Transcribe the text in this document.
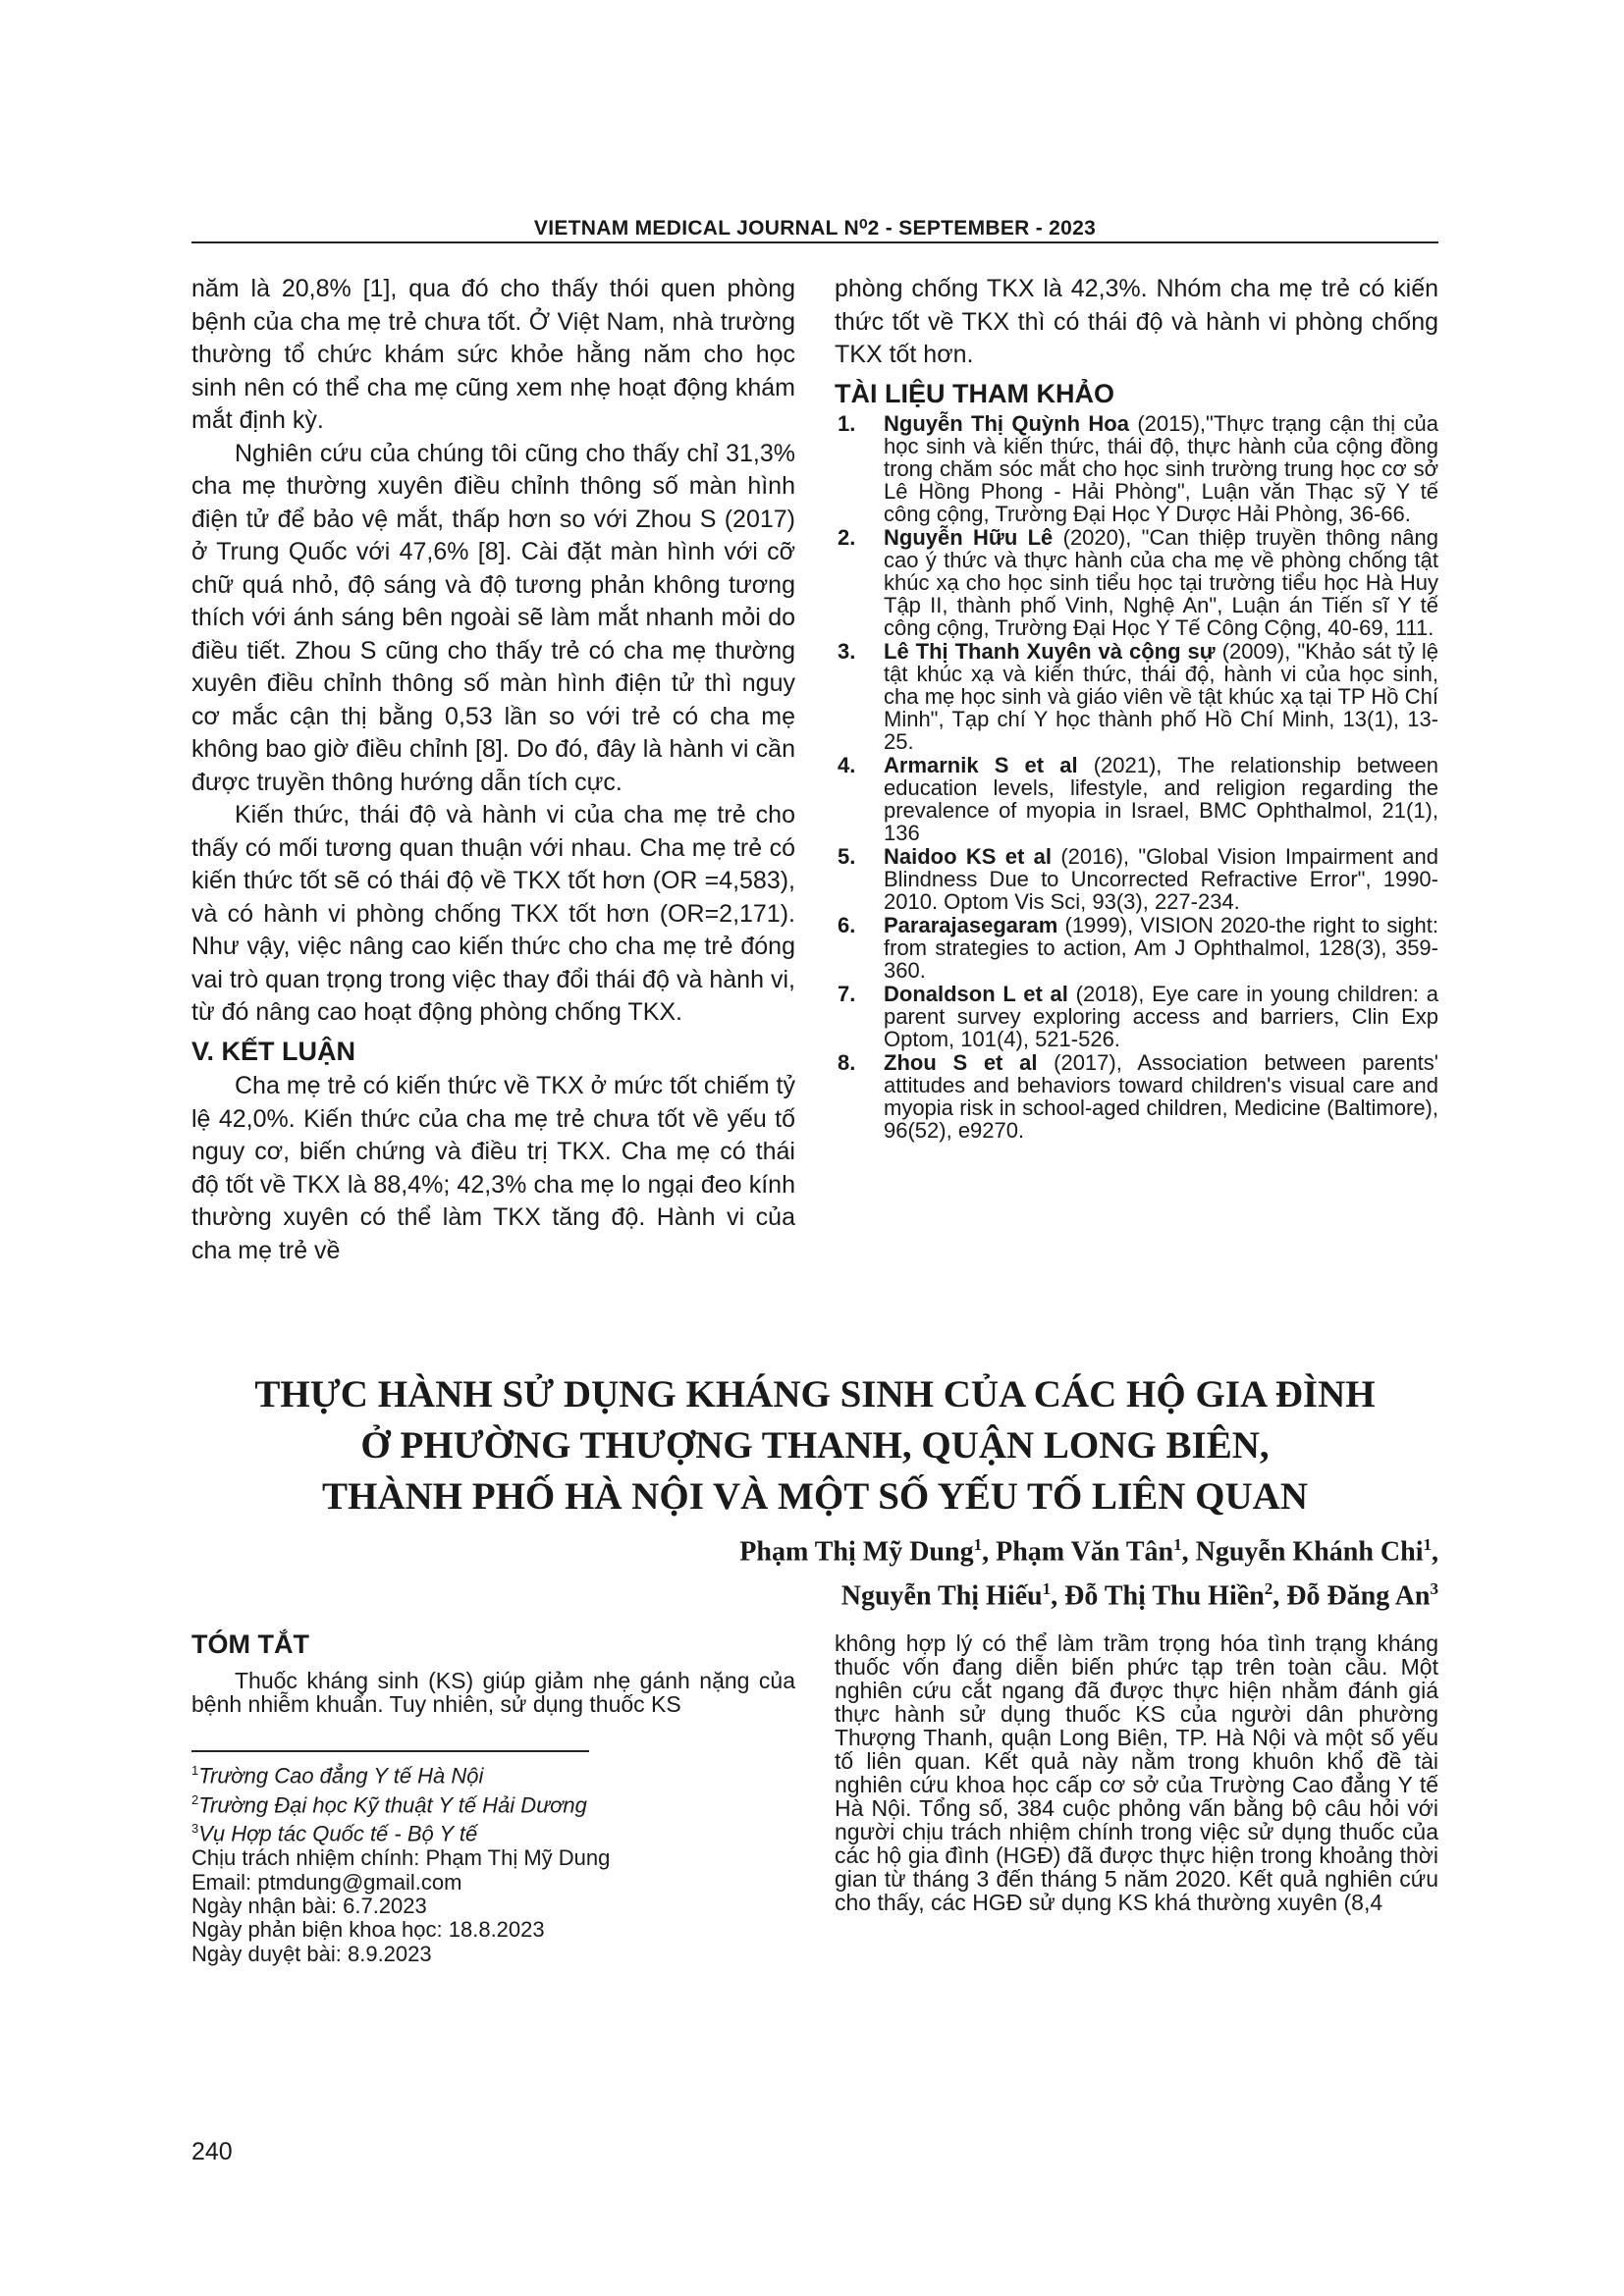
VIETNAM MEDICAL JOURNAL N⁰2 - SEPTEMBER - 2023

năm là 20,8% [1], qua đó cho thấy thói quen phòng bệnh của cha mẹ trẻ chưa tốt. Ở Việt Nam, nhà trường thường tổ chức khám sức khỏe hằng năm cho học sinh nên có thể cha mẹ cũng xem nhẹ hoạt động khám mắt định kỳ.

Nghiên cứu của chúng tôi cũng cho thấy chỉ 31,3% cha mẹ thường xuyên điều chỉnh thông số màn hình điện tử để bảo vệ mắt, thấp hơn so với Zhou S (2017) ở Trung Quốc với 47,6% [8]. Cài đặt màn hình với cỡ chữ quá nhỏ, độ sáng và độ tương phản không tương thích với ánh sáng bên ngoài sẽ làm mắt nhanh mỏi do điều tiết. Zhou S cũng cho thấy trẻ có cha mẹ thường xuyên điều chỉnh thông số màn hình điện tử thì nguy cơ mắc cận thị bằng 0,53 lần so với trẻ có cha mẹ không bao giờ điều chỉnh [8]. Do đó, đây là hành vi cần được truyền thông hướng dẫn tích cực.

Kiến thức, thái độ và hành vi của cha mẹ trẻ cho thấy có mối tương quan thuận với nhau. Cha mẹ trẻ có kiến thức tốt sẽ có thái độ về TKX tốt hơn (OR =4,583), và có hành vi phòng chống TKX tốt hơn (OR=2,171). Như vậy, việc nâng cao kiến thức cho cha mẹ trẻ đóng vai trò quan trọng trong việc thay đổi thái độ và hành vi, từ đó nâng cao hoạt động phòng chống TKX.

V. KẾT LUẬN

Cha mẹ trẻ có kiến thức về TKX ở mức tốt chiếm tỷ lệ 42,0%. Kiến thức của cha mẹ trẻ chưa tốt về yếu tố nguy cơ, biến chứng và điều trị TKX. Cha mẹ có thái độ tốt về TKX là 88,4%; 42,3% cha mẹ lo ngại đeo kính thường xuyên có thể làm TKX tăng độ. Hành vi của cha mẹ trẻ về

phòng chống TKX là 42,3%. Nhóm cha mẹ trẻ có kiến thức tốt về TKX thì có thái độ và hành vi phòng chống TKX tốt hơn.

TÀI LIỆU THAM KHẢO
1. Nguyễn Thị Quỳnh Hoa (2015),"Thực trạng cận thị của học sinh và kiến thức, thái độ, thực hành của cộng đồng trong chăm sóc mắt cho học sinh trường trung học cơ sở Lê Hồng Phong - Hải Phòng", Luận văn Thạc sỹ Y tế công cộng, Trường Đại Học Y Dược Hải Phòng, 36-66.
2. Nguyễn Hữu Lê (2020), "Can thiệp truyền thông nâng cao ý thức và thực hành của cha mẹ về phòng chống tật khúc xạ cho học sinh tiểu học tại trường tiểu học Hà Huy Tập II, thành phố Vinh, Nghệ An", Luận án Tiến sĩ Y tế công cộng, Trường Đại Học Y Tế Công Cộng, 40-69, 111.
3. Lê Thị Thanh Xuyên và cộng sự (2009), "Khảo sát tỷ lệ tật khúc xạ và kiến thức, thái độ, hành vi của học sinh, cha mẹ học sinh và giáo viên về tật khúc xạ tại TP Hồ Chí Minh", Tạp chí Y học thành phố Hồ Chí Minh, 13(1), 13-25.
4. Armarnik S et al (2021), The relationship between education levels, lifestyle, and religion regarding the prevalence of myopia in Israel, BMC Ophthalmol, 21(1), 136
5. Naidoo KS et al (2016), "Global Vision Impairment and Blindness Due to Uncorrected Refractive Error", 1990-2010. Optom Vis Sci, 93(3), 227-234.
6. Pararajasegaram (1999), VISION 2020-the right to sight: from strategies to action, Am J Ophthalmol, 128(3), 359-360.
7. Donaldson L et al (2018), Eye care in young children: a parent survey exploring access and barriers, Clin Exp Optom, 101(4), 521-526.
8. Zhou S et al (2017), Association between parents' attitudes and behaviors toward children's visual care and myopia risk in school-aged children, Medicine (Baltimore), 96(52), e9270.
THỰC HÀNH SỬ DỤNG KHÁNG SINH CỦA CÁC HỘ GIA ĐÌNH
Ở PHƯỜNG THƯỢNG THANH, QUẬN LONG BIÊN,
THÀNH PHỐ HÀ NỘI VÀ MỘT SỐ YẾU TỐ LIÊN QUAN
Phạm Thị Mỹ Dung$^1$, Phạm Văn Tân$^1$, Nguyễn Khánh Chi$^1$,
Nguyễn Thị Hiếu$^1$, Đỗ Thị Thu Hiền$^2$, Đỗ Đăng An$^3$
TÓM TẮT

Thuốc kháng sinh (KS) giúp giảm nhẹ gánh nặng của bệnh nhiễm khuẩn. Tuy nhiên, sử dụng thuốc KS

không hợp lý có thể làm trầm trọng hóa tình trạng kháng thuốc vốn đang diễn biến phức tạp trên toàn cầu. Một nghiên cứu cắt ngang đã được thực hiện nhằm đánh giá thực hành sử dụng thuốc KS của người dân phường Thượng Thanh, quận Long Biên, TP. Hà Nội và một số yếu tố liên quan. Kết quả này nằm trong khuôn khổ đề tài nghiên cứu khoa học cấp cơ sở của Trường Cao đẳng Y tế Hà Nội. Tổng số, 384 cuộc phỏng vấn bằng bộ câu hỏi với người chịu trách nhiệm chính trong việc sử dụng thuốc của các hộ gia đình (HGĐ) đã được thực hiện trong khoảng thời gian từ tháng 3 đến tháng 5 năm 2020. Kết quả nghiên cứu cho thấy, các HGĐ sử dụng KS khá thường xuyên (8,4

$^1$Trường Cao đẳng Y tế Hà Nội
$^2$Trường Đại học Kỹ thuật Y tế Hải Dương
$^3$Vụ Hợp tác Quốc tế - Bộ Y tế
Chịu trách nhiệm chính: Phạm Thị Mỹ Dung
Email: ptmdung@gmail.com
Ngày nhận bài: 6.7.2023
Ngày phản biện khoa học: 18.8.2023
Ngày duyệt bài: 8.9.2023
240
